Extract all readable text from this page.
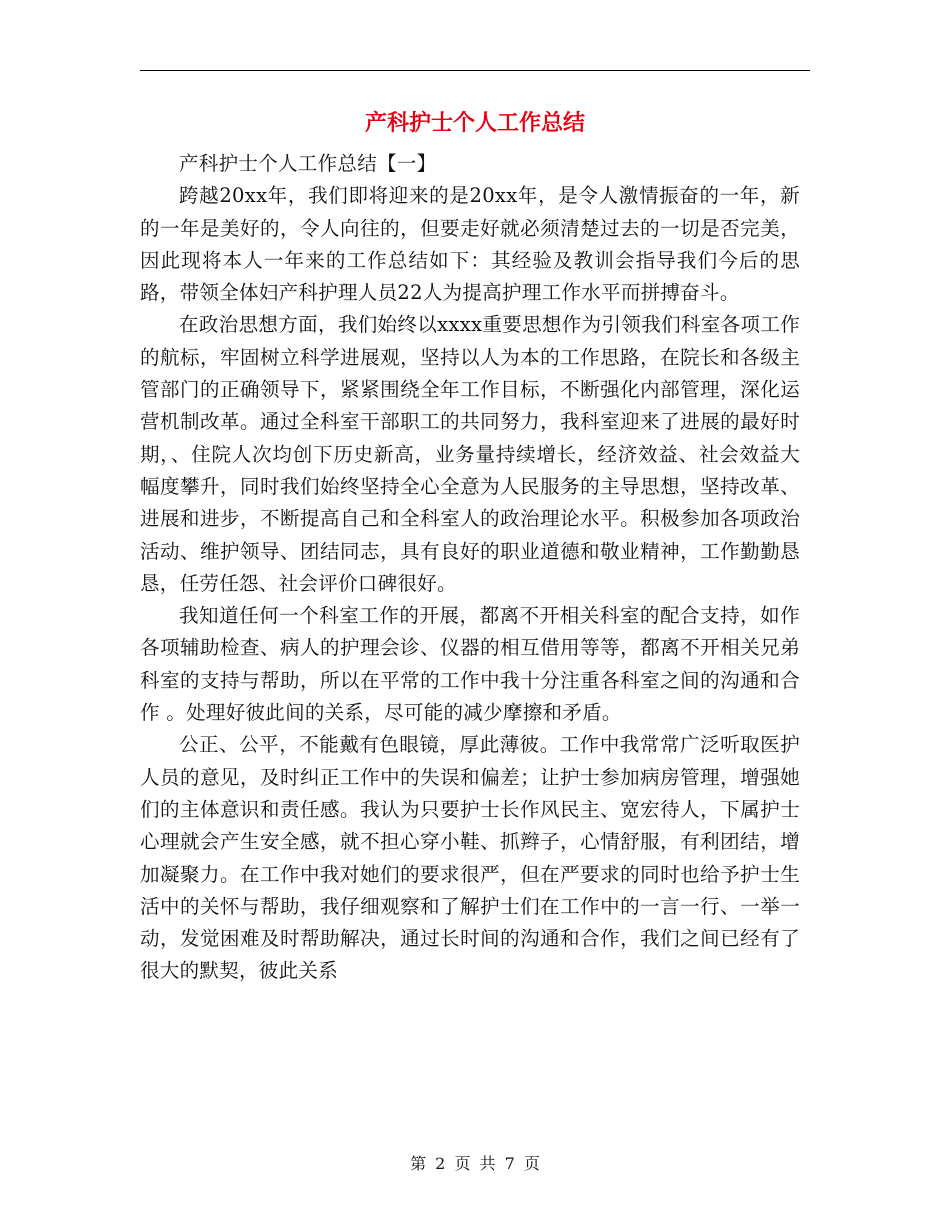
产科护士个人工作总结

产科护士个人工作总结【一】

跨越20xx年，我们即将迎来的是20xx年，是令人激情振奋的一年，新的一年是美好的，令人向往的，但要走好就必须清楚过去的一切是否完美，因此现将本人一年来的工作总结如下：其经验及教训会指导我们今后的思路，带领全体妇产科护理人员22人为提高护理工作水平而拼搏奋斗。

在政治思想方面，我们始终以xxxx重要思想作为引领我们科室各项工作的航标，牢固树立科学进展观，坚持以人为本的工作思路，在院长和各级主管部门的正确领导下，紧紧围绕全年工作目标，不断强化内部管理，深化运营机制改革。通过全科室干部职工的共同努力，我科室迎来了进展的最好时期，、住院人次均创下历史新高，业务量持续增长，经济效益、社会效益大幅度攀升，同时我们始终坚持全心全意为人民服务的主导思想，坚持改革、进展和进步，不断提高自己和全科室人的政治理论水平。积极参加各项政治活动、维护领导、团结同志，具有良好的职业道德和敬业精神，工作勤勤恳恳，任劳任怨、社会评价口碑很好。

我知道任何一个科室工作的开展，都离不开相关科室的配合支持，如作各项辅助检查、病人的护理会诊、仪器的相互借用等等，都离不开相关兄弟科室的支持与帮助，所以在平常的工作中我十分注重各科室之间的沟通和合作 。处理好彼此间的关系，尽可能的减少摩擦和矛盾。

公正、公平，不能戴有色眼镜，厚此薄彼。工作中我常常广泛听取医护人员的意见，及时纠正工作中的失误和偏差；让护士参加病房管理，增强她们的主体意识和责任感。我认为只要护士长作风民主、宽宏待人，下属护士心理就会产生安全感，就不担心穿小鞋、抓辫子，心情舒服，有利团结，增加凝聚力。在工作中我对她们的要求很严，但在严要求的同时也给予护士生活中的关怀与帮助，我仔细观察和了解护士们在工作中的一言一行、一举一动，发觉困难及时帮助解决，通过长时间的沟通和合作，我们之间已经有了很大的默契，彼此关系

第 2 页 共 7 页
